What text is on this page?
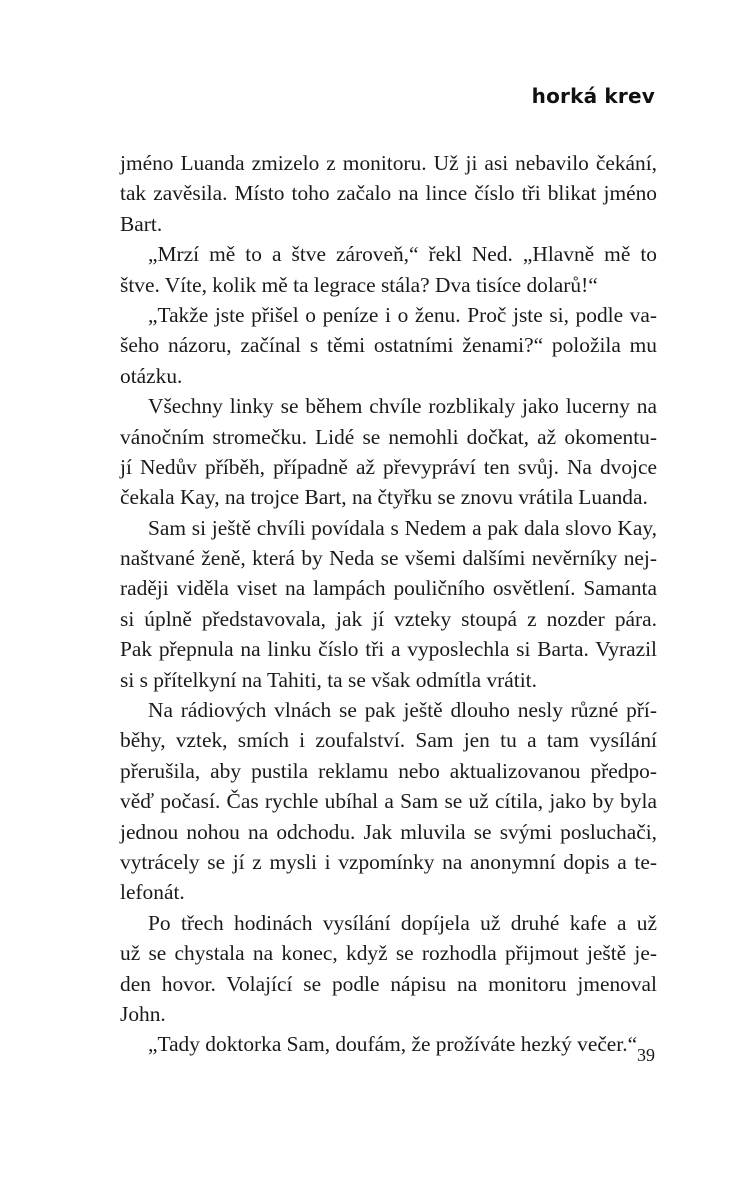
horká krev
jméno Luanda zmizelo z monitoru. Už ji asi nebavilo čekání,
tak zavěsila. Místo toho začalo na lince číslo tři blikat jméno
Bart.
„Mrzí mě to a štve zároveň,“ řekl Ned. „Hlavně mě to
štve. Víte, kolik mě ta legrace stála? Dva tisíce dolarů!“
„Takže jste přišel o peníze i o ženu. Proč jste si, podle va-
šeho názoru, začínal s těmi ostatními ženami?“ položila mu
otázku.
Všechny linky se během chvíle rozblikaly jako lucerny na
vánočním stromečku. Lidé se nemohli dočkat, až okomentu-
jí Nedův příběh, případně až převypráví ten svůj. Na dvojce
čekala Kay, na trojce Bart, na čtyřku se znovu vrátila Luanda.
Sam si ještě chvíli povídala s Nedem a pak dala slovo Kay,
naštvané ženě, která by Neda se všemi dalšími nevěrníky nej-
raději viděla viset na lampách pouličního osvětlení. Samanta
si úplně představovala, jak jí vzteky stoupá z nozder pára.
Pak přepnula na linku číslo tři a vyposlechla si Barta. Vyrazil
si s přítelkyní na Tahiti, ta se však odmítla vrátit.
Na rádiových vlnách se pak ještě dlouho nesly různé pří-
běhy, vztek, smích i zoufalství. Sam jen tu a tam vysílání
přerušila, aby pustila reklamu nebo aktualizovanou předpo-
věď počasí. Čas rychle ubíhal a Sam se už cítila, jako by byla
jednou nohou na odchodu. Jak mluvila se svými posluchači,
vytrácely se jí z mysli i vzpomínky na anonymní dopis a te-
lefonát.
Po třech hodinách vysílání dopíjela už druhé kafe a už
už se chystala na konec, když se rozhodla přijmout ještě je-
den hovor. Volající se podle nápisu na monitoru jmenoval
John.
„Tady doktorka Sam, doufám, že prožíváte hezký večer.“ 39
